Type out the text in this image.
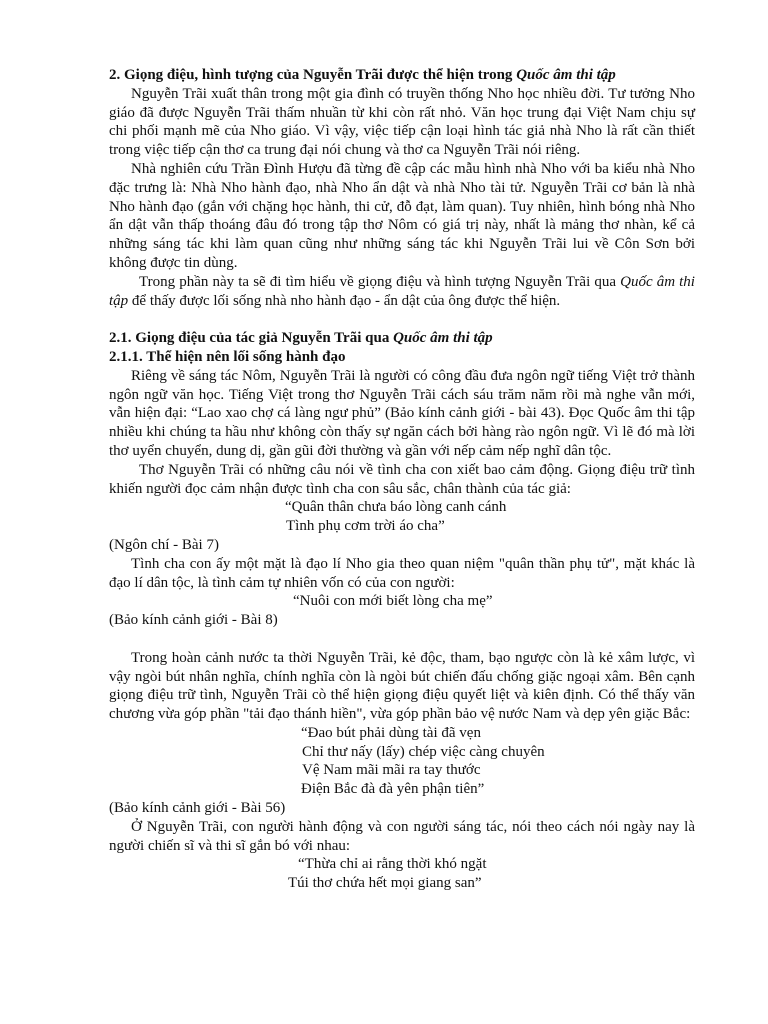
2. Giọng điệu, hình tượng của Nguyễn Trãi được thể hiện trong Quốc âm thi tập

Nguyễn Trãi xuất thân trong một gia đình có truyền thống Nho học nhiều đời. Tư tưởng Nho giáo đã được Nguyễn Trãi thấm nhuần từ khi còn rất nhỏ. Văn học trung đại Việt Nam chịu sự chi phối mạnh mẽ của Nho giáo. Vì vậy, việc tiếp cận loại hình tác giả nhà Nho là rất cần thiết trong việc tiếp cận thơ ca trung đại nói chung và thơ ca Nguyễn Trãi nói riêng.

Nhà nghiên cứu Trần Đình Hượu đã từng đề cập các mẫu hình nhà Nho với ba kiểu nhà Nho đặc trưng là: Nhà Nho hành đạo, nhà Nho ẩn dật và nhà Nho tài tử. Nguyễn Trãi cơ bản là nhà Nho hành đạo (gắn với chặng học hành, thi cử, đỗ đạt, làm quan). Tuy nhiên, hình bóng nhà Nho ẩn dật vẫn thấp thoáng đâu đó trong tập thơ Nôm có giá trị này, nhất là mảng thơ nhàn, kể cả những sáng tác khi làm quan cũng như những sáng tác khi Nguyễn Trãi lui về Côn Sơn bởi không được tin dùng.

Trong phần này ta sẽ đi tìm hiểu về giọng điệu và hình tượng Nguyễn Trãi qua Quốc âm thi tập để thấy được lối sống nhà nho hành đạo - ẩn dật của ông được thể hiện.

2.1. Giọng điệu của tác giả Nguyễn Trãi qua Quốc âm thi tập

2.1.1. Thể hiện nên lối sống hành đạo

Riêng về sáng tác Nôm, Nguyễn Trãi là người có công đầu đưa ngôn ngữ tiếng Việt trở thành ngôn ngữ văn học. Tiếng Việt trong thơ Nguyễn Trãi cách sáu trăm năm rồi mà nghe vẫn mới, vẫn hiện đại: “Lao xao chợ cá làng ngư phủ” (Bảo kính cảnh giới - bài 43). Đọc Quốc âm thi tập nhiều khi chúng ta hầu như không còn thấy sự ngăn cách bởi hàng rào ngôn ngữ. Vì lẽ đó mà lời thơ uyển chuyển, dung dị, gần gũi đời thường và gần với nếp cảm nếp nghĩ dân tộc.

Thơ Nguyễn Trãi có những câu nói về tình cha con xiết bao cảm động. Giọng điệu trữ tình khiến người đọc cảm nhận được tình cha con sâu sắc, chân thành của tác giả:

“Quân thân chưa báo lòng canh cánh

Tình phụ cơm trời áo cha”

(Ngôn chí - Bài 7)

Tình cha con ấy một mặt là đạo lí Nho gia theo quan niệm "quân thần phụ tử", mặt khác là đạo lí dân tộc, là tình cảm tự nhiên vốn có của con người:

“Nuôi con mới biết lòng cha mẹ”

(Bảo kính cảnh giới - Bài 8)

Trong hoàn cảnh nước ta thời Nguyễn Trãi, kẻ độc, tham, bạo ngược còn là kẻ xâm lược, vì vậy ngòi bút nhân nghĩa, chính nghĩa còn là ngòi bút chiến đấu chống giặc ngoại xâm. Bên cạnh giọng điệu trữ tình, Nguyễn Trãi cò thể hiện giọng điệu quyết liệt và kiên định. Có thể thấy văn chương vừa góp phần "tải đạo thánh hiền", vừa góp phần bảo vệ nước Nam và dẹp yên giặc Bắc:

“Đao bút phải dùng tài đã vẹn

Chỉ thư nấy (lấy) chép việc càng chuyên

Vệ Nam mãi mãi ra tay thước

Điện Bắc đà đà yên phận tiên”

(Bảo kính cảnh giới - Bài 56)

Ở Nguyễn Trãi, con người hành động và con người sáng tác, nói theo cách nói ngày nay là người chiến sĩ và thi sĩ gắn bó với nhau:

“Thừa chỉ ai rằng thời khó ngặt

Túi thơ chứa hết mọi giang san”
